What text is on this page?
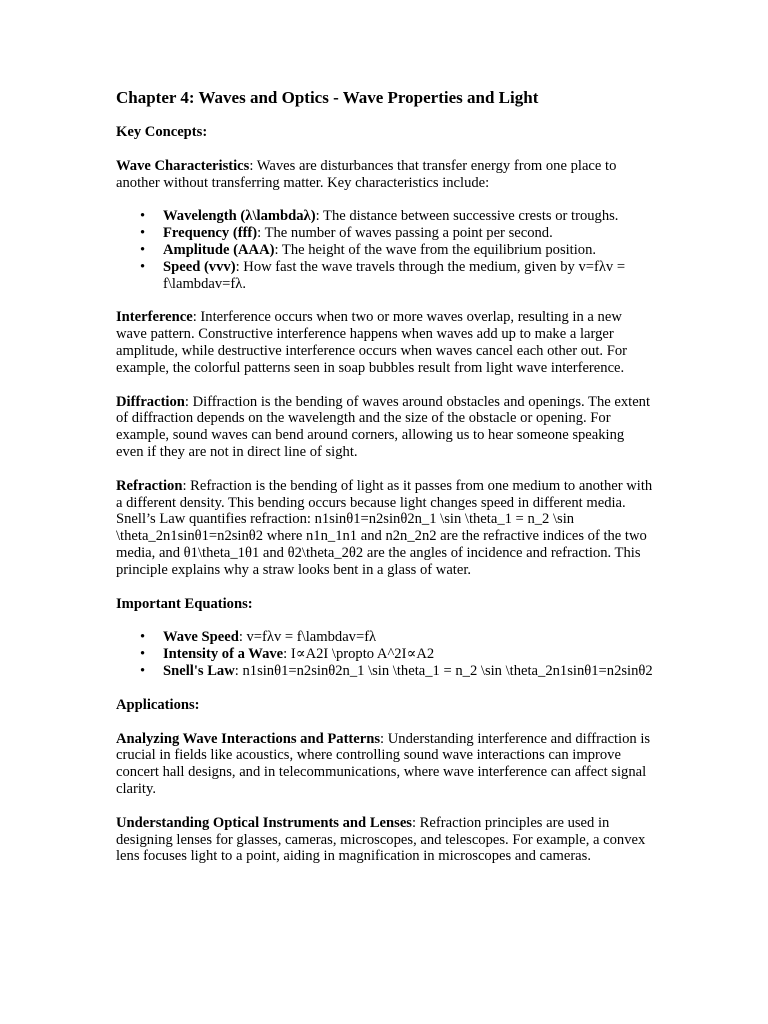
Chapter 4: Waves and Optics - Wave Properties and Light
Key Concepts:

Wave Characteristics: Waves are disturbances that transfer energy from one place to another without transferring matter. Key characteristics include:

• Wavelength (λ\lambdaλ): The distance between successive crests or troughs.
• Frequency (fff): The number of waves passing a point per second.
• Amplitude (AAA): The height of the wave from the equilibrium position.
• Speed (vvv): How fast the wave travels through the medium, given by v=fλv = f\lambdav=fλ.

Interference: Interference occurs when two or more waves overlap, resulting in a new wave pattern. Constructive interference happens when waves add up to make a larger amplitude, while destructive interference occurs when waves cancel each other out. For example, the colorful patterns seen in soap bubbles result from light wave interference.

Diffraction: Diffraction is the bending of waves around obstacles and openings. The extent of diffraction depends on the wavelength and the size of the obstacle or opening. For example, sound waves can bend around corners, allowing us to hear someone speaking even if they are not in direct line of sight.

Refraction: Refraction is the bending of light as it passes from one medium to another with a different density. This bending occurs because light changes speed in different media. Snell’s Law quantifies refraction: n1sinθ1=n2sinθ2n_1 \sin \theta_1 = n_2 \sin \theta_2n1sinθ1=n2sinθ2 where n1n_1n1 and n2n_2n2 are the refractive indices of the two media, and θ1\theta_1θ1 and θ2\theta_2θ2 are the angles of incidence and refraction. This principle explains why a straw looks bent in a glass of water.

Important Equations:
• Wave Speed: v=fλv = f\lambdav=fλ
• Intensity of a Wave: I∝A2I \propto A^2I∝A2
• Snell's Law: n1sinθ1=n2sinθ2n_1 \sin \theta_1 = n_2 \sin \theta_2n1sinθ1=n2sinθ2
Applications:

Analyzing Wave Interactions and Patterns: Understanding interference and diffraction is crucial in fields like acoustics, where controlling sound wave interactions can improve concert hall designs, and in telecommunications, where wave interference can affect signal clarity.

Understanding Optical Instruments and Lenses: Refraction principles are used in designing lenses for glasses, cameras, microscopes, and telescopes. For example, a convex lens focuses light to a point, aiding in magnification in microscopes and cameras.
